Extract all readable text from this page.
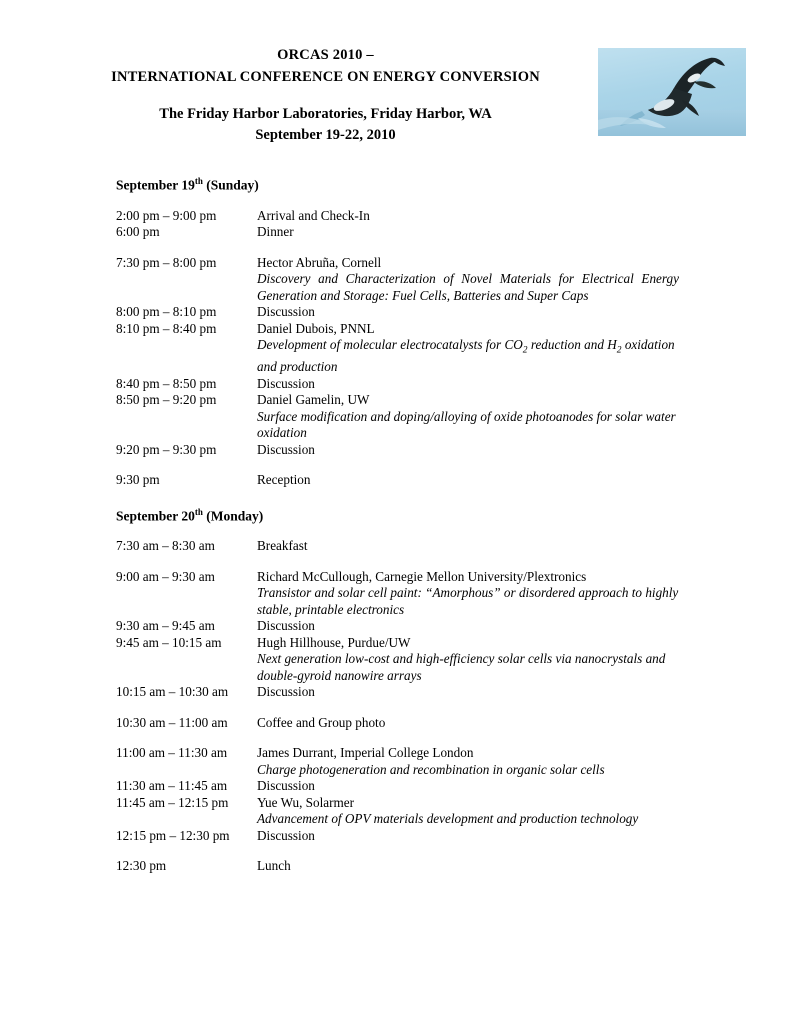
ORCAS 2010 –
INTERNATIONAL CONFERENCE ON ENERGY CONVERSION
The Friday Harbor Laboratories, Friday Harbor, WA
September 19-22, 2010
September 19th (Sunday)
2:00 pm – 9:00 pm	Arrival and Check-In
6:00 pm	Dinner
7:30 pm – 8:00 pm	Hector Abruña, Cornell
Discovery and Characterization of Novel Materials for Electrical Energy Generation and Storage: Fuel Cells, Batteries and Super Caps
8:00 pm – 8:10 pm	Discussion
8:10 pm – 8:40 pm	Daniel Dubois, PNNL
Development of molecular electrocatalysts for $CO_2$ reduction and $H_2$ oxidation and production
8:40 pm – 8:50 pm	Discussion
8:50 pm – 9:20 pm	Daniel Gamelin, UW
Surface modification and doping/alloying of oxide photoanodes for solar water oxidation
9:20 pm – 9:30 pm	Discussion
9:30 pm	Reception
September 20th (Monday)
7:30 am – 8:30 am	Breakfast
9:00 am – 9:30 am	Richard McCullough, Carnegie Mellon University/Plextronics
Transistor and solar cell paint: “Amorphous” or disordered approach to highly stable, printable electronics
9:30 am – 9:45 am	Discussion
9:45 am – 10:15 am	Hugh Hillhouse, Purdue/UW
Next generation low-cost and high-efficiency solar cells via nanocrystals and double-gyroid nanowire arrays
10:15 am – 10:30 am	Discussion
10:30 am – 11:00 am	Coffee and Group photo
11:00 am – 11:30 am	James Durrant, Imperial College London
Charge photogeneration and recombination in organic solar cells
11:30 am – 11:45 am	Discussion
11:45 am – 12:15 pm	Yue Wu, Solarmer
Advancement of OPV materials development and production technology
12:15 pm – 12:30 pm	Discussion
12:30 pm	Lunch
